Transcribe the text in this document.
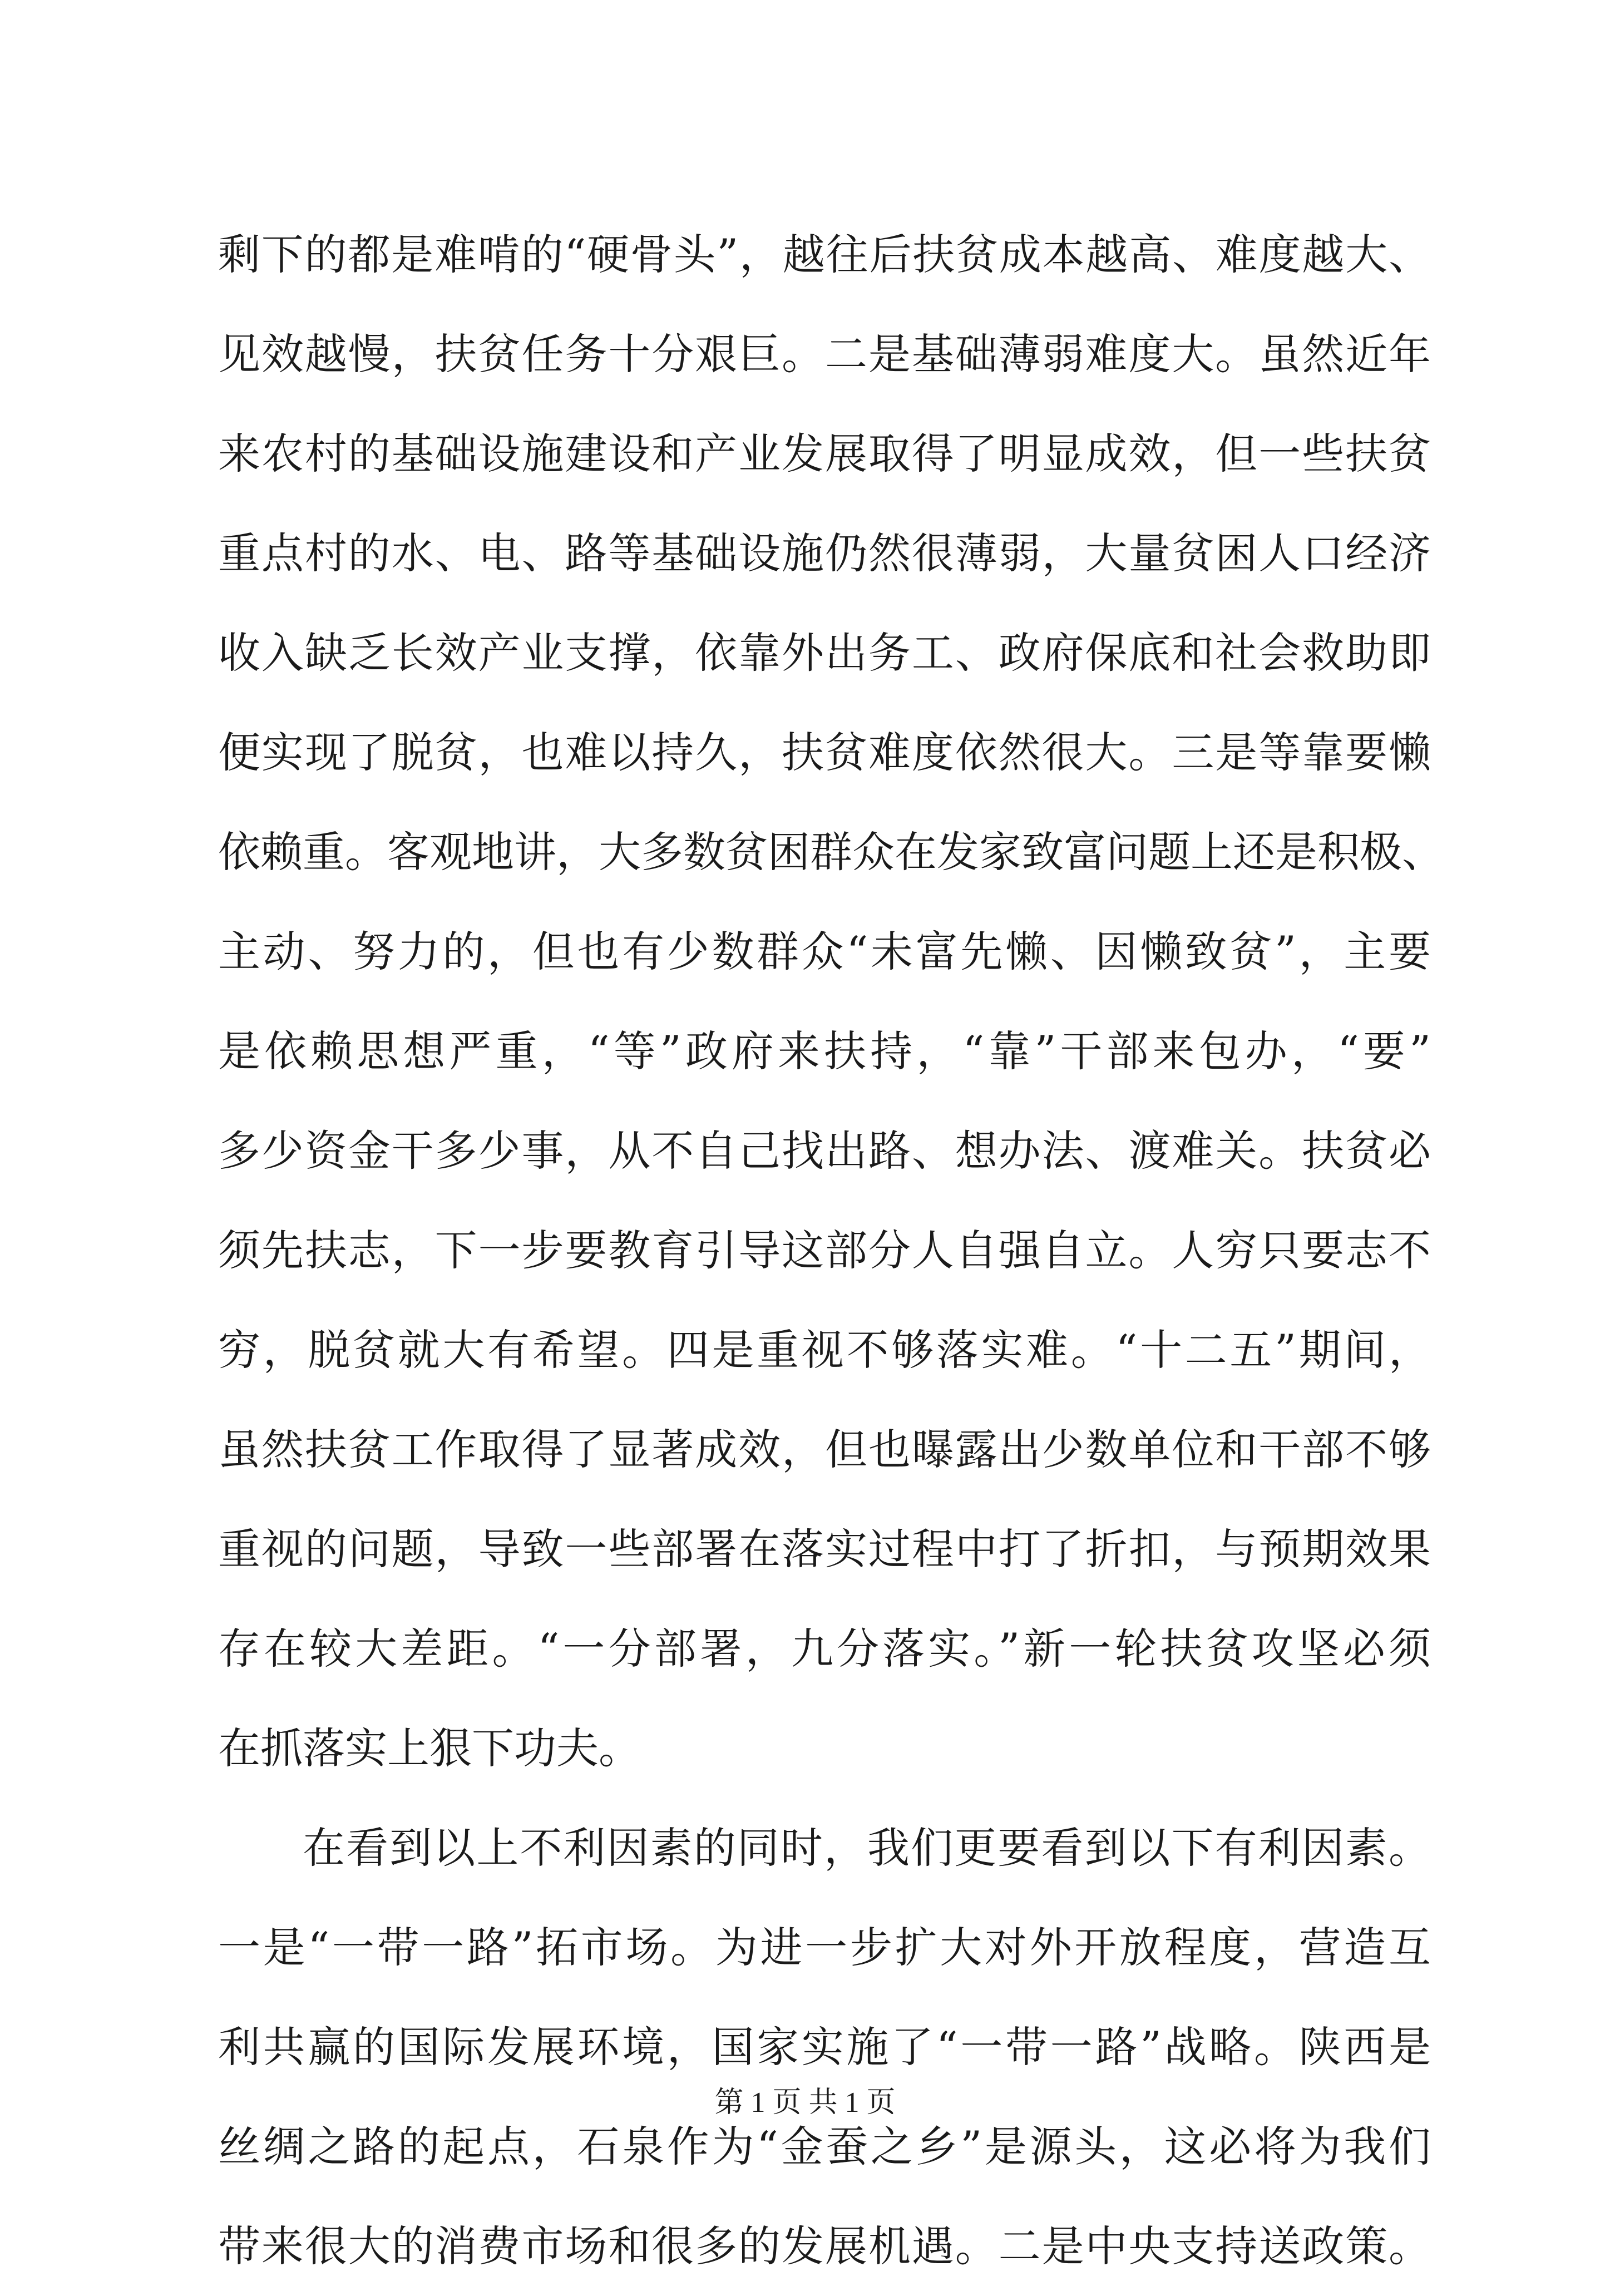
剩下的都是难啃的“硬骨头”，越往后扶贫成本越高、难度越大、
见效越慢，扶贫任务十分艰巨。二是基础薄弱难度大。虽然近年
来农村的基础设施建设和产业发展取得了明显成效，但一些扶贫
重点村的水、电、路等基础设施仍然很薄弱，大量贫困人口经济
收入缺乏长效产业支撑，依靠外出务工、政府保底和社会救助即
便实现了脱贫，也难以持久，扶贫难度依然很大。三是等靠要懒
依赖重。客观地讲，大多数贫困群众在发家致富问题上还是积极、
主动、努力的，但也有少数群众“未富先懒、因懒致贫”，主要
是依赖思想严重，“等”政府来扶持，“靠”干部来包办，“要”
多少资金干多少事，从不自己找出路、想办法、渡难关。扶贫必
须先扶志，下一步要教育引导这部分人自强自立。人穷只要志不
穷，脱贫就大有希望。四是重视不够落实难。“十二五”期间，
虽然扶贫工作取得了显著成效，但也曝露出少数单位和干部不够
重视的问题，导致一些部署在落实过程中打了折扣，与预期效果
存在较大差距。“一分部署，九分落实。”新一轮扶贫攻坚必须
在抓落实上狠下功夫。
在看到以上不利因素的同时，我们更要看到以下有利因素。
一是“一带一路”拓市场。为进一步扩大对外开放程度，营造互
利共赢的国际发展环境，国家实施了“一带一路”战略。陕西是
丝绸之路的起点，石泉作为“金蚕之乡”是源头，这必将为我们
带来很大的消费市场和很多的发展机遇。二是中央支持送政策。
第 1 页 共 1 页
